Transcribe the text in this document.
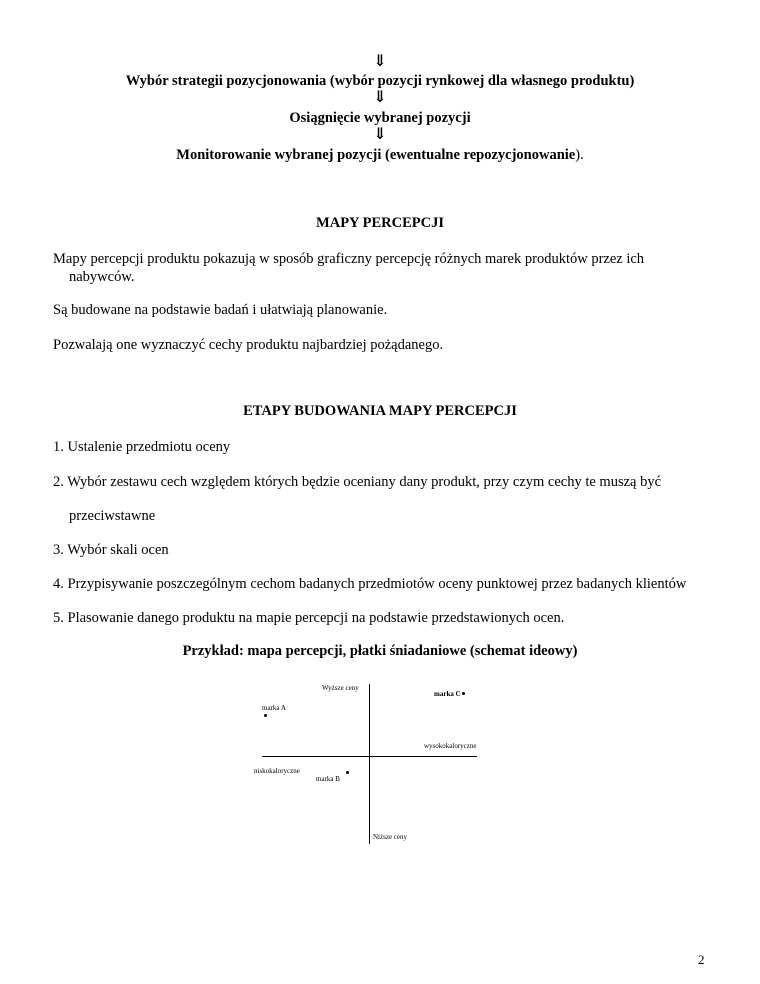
⇓
Wybór strategii pozycjonowania (wybór pozycji rynkowej dla własnego produktu)
⇓
Osiągnięcie wybranej pozycji
⇓
Monitorowanie wybranej pozycji (ewentualne repozycjonowanie).
MAPY PERCEPCJI
Mapy percepcji produktu pokazują w sposób graficzny percepcję różnych marek produktów przez ich
nabywców.
Są budowane na podstawie badań i ułatwiają planowanie.
Pozwalają one wyznaczyć cechy produktu najbardziej pożądanego.
ETAPY BUDOWANIA MAPY PERCEPCJI
1. Ustalenie przedmiotu oceny
2. Wybór zestawu cech względem których będzie oceniany dany produkt, przy czym cechy te muszą być
przeciwstawne
3. Wybór skali ocen
4. Przypisywanie poszczególnym cechom badanych przedmiotów oceny punktowej przez badanych klientów
5. Plasowanie danego produktu na mapie percepcji na podstawie przedstawionych ocen.
Przykład: mapa percepcji, płatki śniadaniowe (schemat ideowy)
Wyższe ceny
Niższe ceny
niskokaloryczne
wysokokaloryczne
marka A
marka B
marka C
2
